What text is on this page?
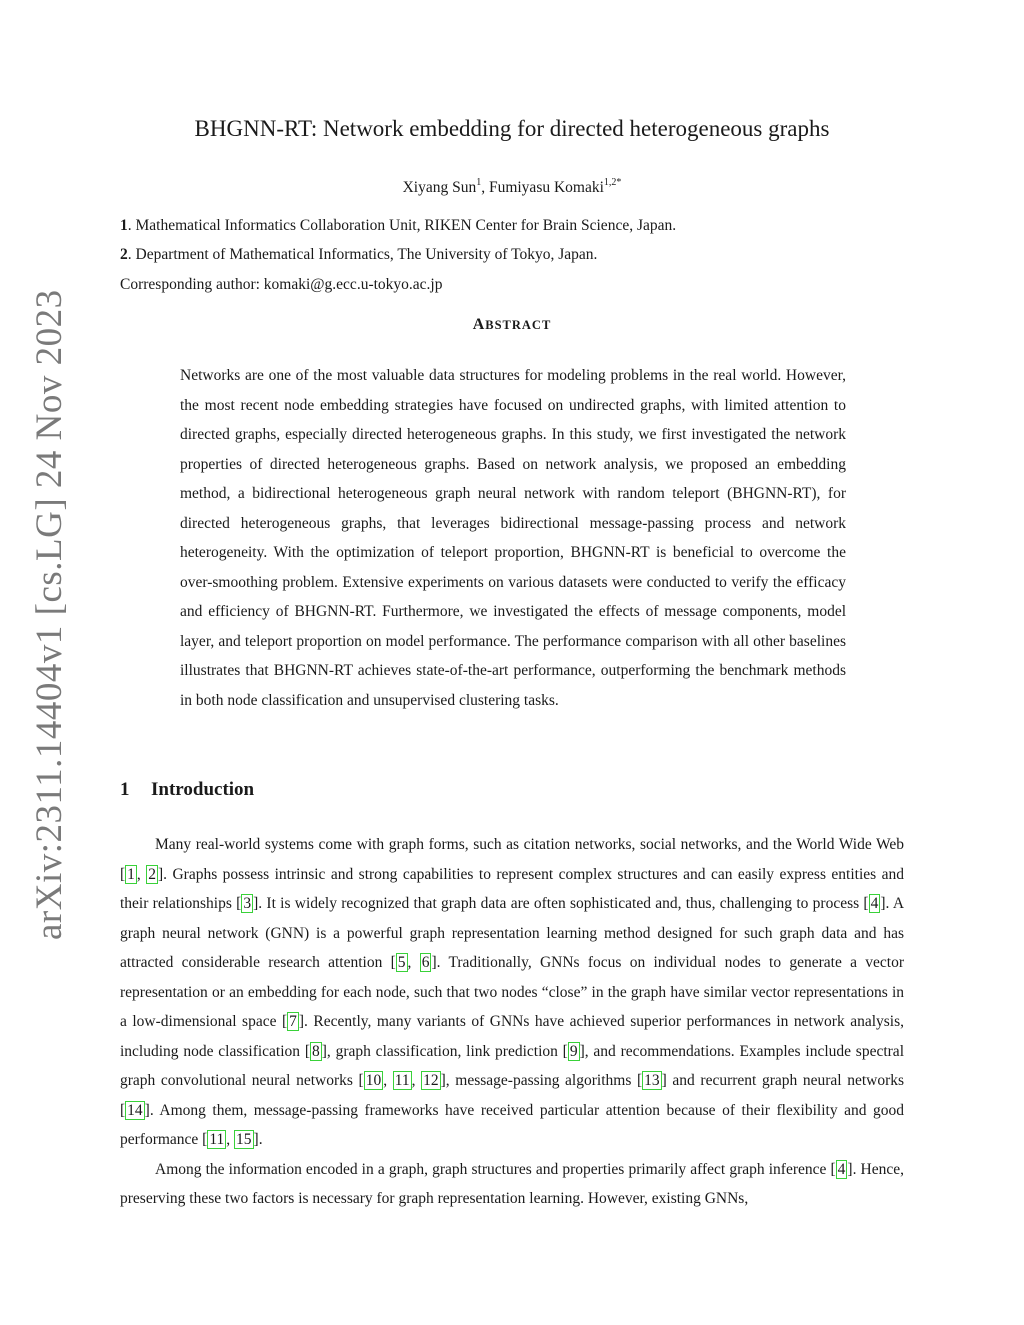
arXiv:2311.14404v1 [cs.LG] 24 Nov 2023
BHGNN-RT: Network embedding for directed heterogeneous graphs
Xiyang Sun$^1$, Fumiyasu Komaki$^{1,2*}$
1. Mathematical Informatics Collaboration Unit, RIKEN Center for Brain Science, Japan.
2. Department of Mathematical Informatics, The University of Tokyo, Japan.
Corresponding author: komaki@g.ecc.u-tokyo.ac.jp
ABSTRACT
Networks are one of the most valuable data structures for modeling problems in the real world. However, the most recent node embedding strategies have focused on undirected graphs, with limited attention to directed graphs, especially directed heterogeneous graphs. In this study, we first investigated the network properties of directed heterogeneous graphs. Based on network analysis, we proposed an embedding method, a bidirectional heterogeneous graph neural network with random teleport (BHGNN-RT), for directed heterogeneous graphs, that leverages bidirectional message-passing process and network heterogeneity. With the optimization of teleport proportion, BHGNN-RT is beneficial to overcome the over-smoothing problem. Extensive experiments on various datasets were conducted to verify the efficacy and efficiency of BHGNN-RT. Furthermore, we investigated the effects of message components, model layer, and teleport proportion on model performance. The performance comparison with all other baselines illustrates that BHGNN-RT achieves state-of-the-art performance, outperforming the benchmark methods in both node classification and unsupervised clustering tasks.
1 Introduction

Many real-world systems come with graph forms, such as citation networks, social networks, and the World Wide Web [ 1 , 2 ]. Graphs possess intrinsic and strong capabilities to represent complex structures and can easily express entities and their relationships [ 3 ]. It is widely recognized that graph data are often sophisticated and, thus, challenging to process [ 4 ]. A graph neural network (GNN) is a powerful graph representation learning method designed for such graph data and has attracted considerable research attention [ 5 , 6 ]. Traditionally, GNNs focus on individual nodes to generate a vector representation or an embedding for each node, such that two nodes “close” in the graph have similar vector representations in a low-dimensional space [ 7 ]. Recently, many variants of GNNs have achieved superior performances in network analysis, including node classification [ 8 ], graph classification, link prediction [ 9 ], and recommendations. Examples include spectral graph convolutional neural networks [ 10 , 11 , 12 ], message-passing algorithms [ 13 ] and recurrent graph neural networks [ 14 ]. Among them, message-passing frameworks have received particular attention because of their flexibility and good performance [ 11 , 15 ].

Among the information encoded in a graph, graph structures and properties primarily affect graph inference [ 4 ]. Hence, preserving these two factors is necessary for graph representation learning. However, existing GNNs,
